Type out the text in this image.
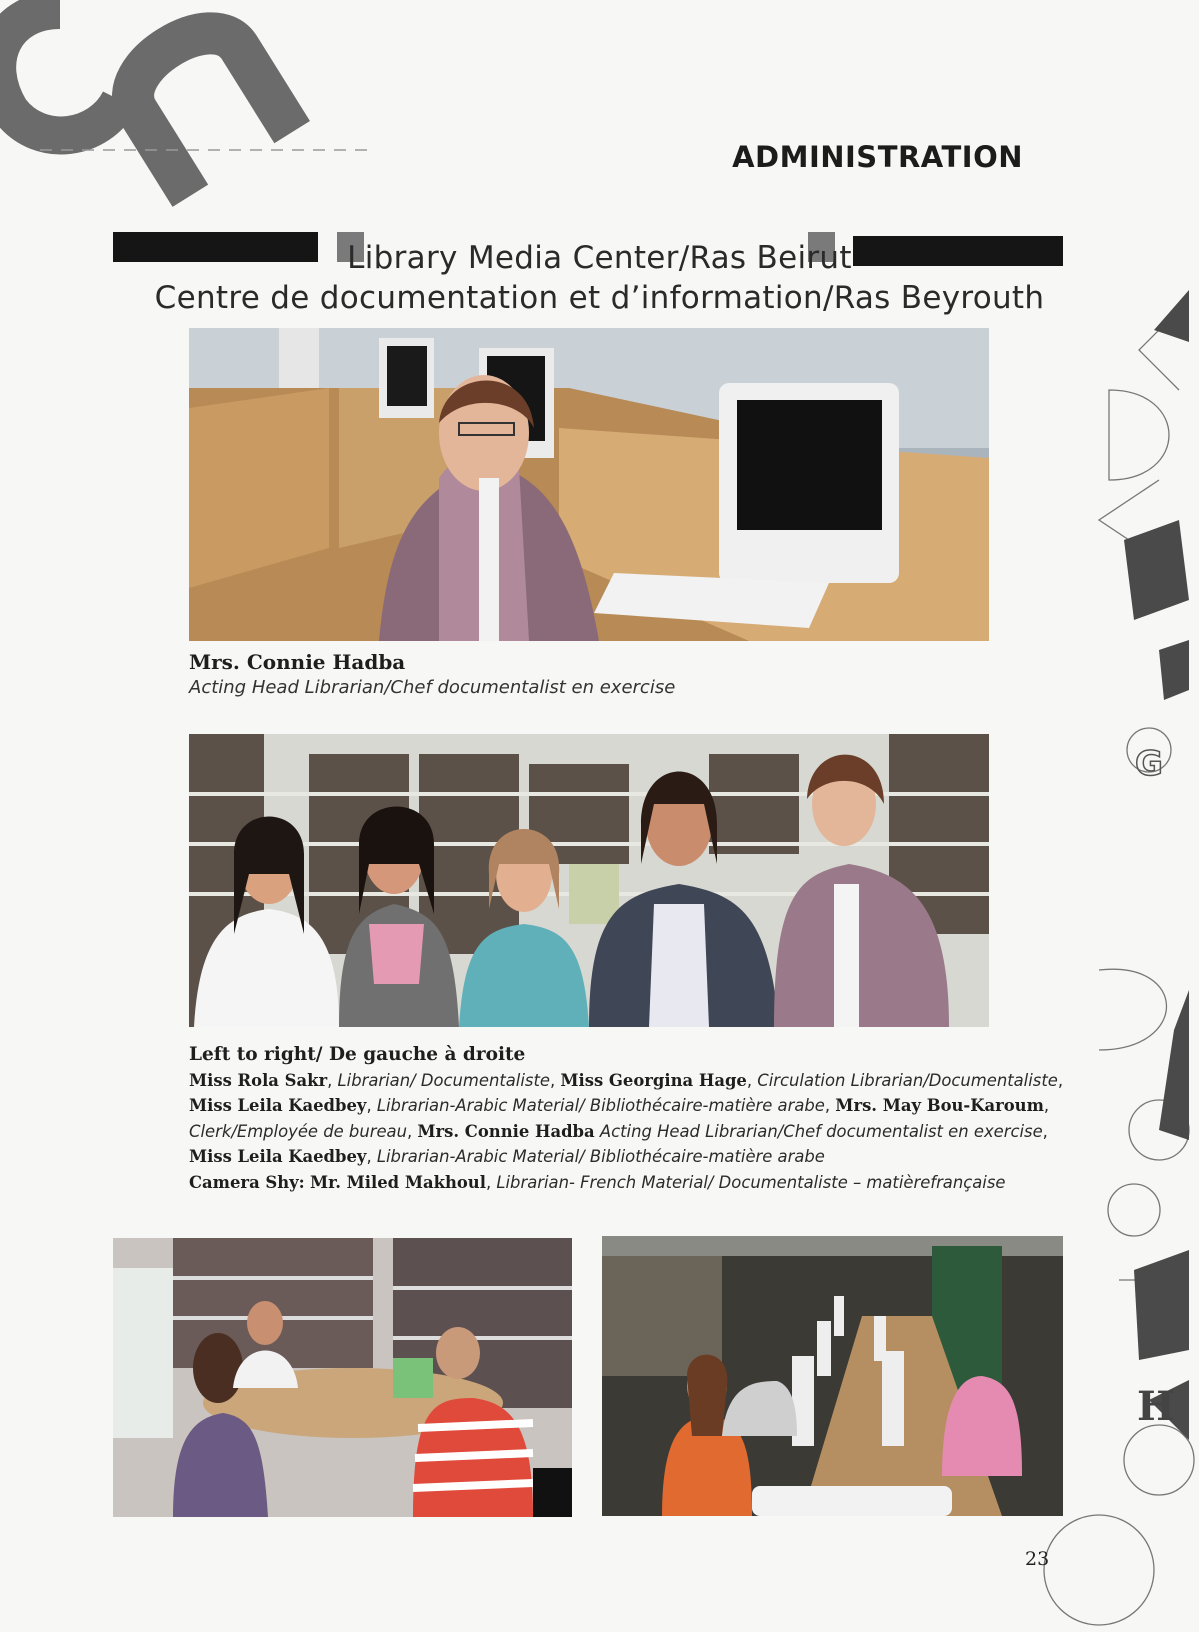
G
H
ADMINISTRATION
Library Media Center/Ras Beirut
Centre de documentation et d’information/Ras Beyrouth
Mrs. Connie Hadba
Acting Head Librarian/Chef documentalist en exercise
Left to right/ De gauche à droite
Miss Rola Sakr, Librarian/ Documentaliste, Miss Georgina Hage, Circulation Librarian/Documentaliste, Miss Leila Kaedbey, Librarian-Arabic Material/ Bibliothécaire-matière arabe, Mrs. May Bou-Karoum, Clerk/Employée de bureau, Mrs. Connie Hadba Acting Head Librarian/Chef documentalist en exercise, Miss Leila Kaedbey, Librarian-Arabic Material/ Bibliothécaire-matière arabe
Camera Shy: Mr. Miled Makhoul, Librarian- French Material/ Documentaliste – matièrefrançaise
23
